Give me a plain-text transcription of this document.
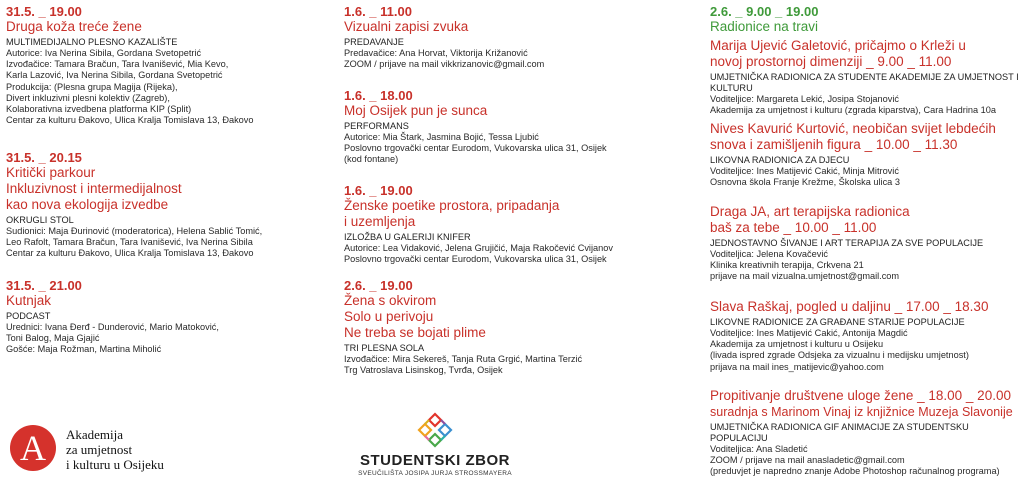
31.5. _ 19.00
Druga koža treće žene
MULTIMEDIJALNO PLESNO KAZALIŠTE
Autorice: Iva Nerina Sibila, Gordana Svetopetrić
Izvođačice: Tamara Bračun, Tara Ivanišević, Mia Kevo,
Karla Lazović, Iva Nerina Sibila, Gordana Svetopetrić
Produkcija: (Plesna grupa Magija (Rijeka),
Divert inkluzivni plesni kolektiv (Zagreb),
Kolaborativna izvedbena platforma KIP (Split)
Centar za kulturu Đakovo, Ulica Kralja Tomislava 13, Đakovo
31.5. _ 20.15
Kritički parkour
Inkluzivnost i intermedijalnost
kao nova ekologija izvedbe
OKRUGLI STOL
Sudionici: Maja Đurinović (moderatorica), Helena Sablić Tomić,
Leo Rafolt, Tamara Bračun, Tara Ivanišević, Iva Nerina Sibila
Centar za kulturu Đakovo, Ulica Kralja Tomislava 13, Đakovo
31.5. _ 21.00
Kutnjak
PODCAST
Urednici: Ivana Đerđ - Dunderović, Mario Matoković,
Toni Balog, Maja Gjajić
Gošće: Maja Rožman, Martina Miholić
1.6. _ 11.00
Vizualni zapisi zvuka
PREDAVANJE
Predavačice: Ana Horvat, Viktorija Križanović
ZOOM / prijave na mail vikkrizanovic@gmail.com
1.6. _ 18.00
Moj Osijek pun je sunca
PERFORMANS
Autorice: Mia Štark, Jasmina Bojić, Tessa Ljubić
Poslovno trgovački centar Eurodom, Vukovarska ulica 31, Osijek
(kod fontane)
1.6. _ 19.00
Ženske poetike prostora, pripadanja
i uzemljenja
IZLOŽBA U GALERIJI KNIFER
Autorice: Lea Vidaković, Jelena Grujičić, Maja Rakočević Cvijanov
Poslovno trgovački centar Eurodom, Vukovarska ulica 31, Osijek
2.6. _ 19.00
Žena s okvirom
Solo u perivoju
Ne treba se bojati plime
TRI PLESNA SOLA
Izvođačice: Mira Sekereš, Tanja Ruta Grgić, Martina Terzić
Trg Vatroslava Lisinskog, Tvrđa, Osijek
2.6. _ 9.00 _ 19.00
Radionice na travi
Marija Ujević Galetović, pričajmo o Krleži u
novoj prostornoj dimenziji _ 9.00 _ 11.00
UMJETNIČKA RADIONICA ZA STUDENTE AKADEMIJE ZA UMJETNOST I KULTURU
Voditeljice: Margareta Lekić, Josipa Stojanović
Akademija za umjetnost i kulturu (zgrada kiparstva), Cara Hadrina 10a
Nives Kavurić Kurtović, neobičan svijet lebdećih
snova i zamišljenih figura _ 10.00 _ 11.30
LIKOVNA RADIONICA ZA DJECU
Voditeljice: Ines Matijević Cakić, Minja Mitrović
Osnovna škola Franje Krežme, Školska ulica 3
Draga JA, art terapijska radionica
baš za tebe _ 10.00 _ 11.00
JEDNOSTAVNO ŠIVANJE I ART TERAPIJA ZA SVE POPULACIJE
Voditeljica: Jelena Kovačević
Klinika kreativnih terapija, Crkvena 21
prijave na mail vizualna.umjetnost@gmail.com
Slava Raškaj, pogled u daljinu _ 17.00 _ 18.30
LIKOVNE RADIONICE ZA GRAĐANE STARIJE POPULACIJE
Voditeljice: Ines Matijević Cakić, Antonija Magdić
Akademija za umjetnost i kulturu u Osijeku
(livada ispred zgrade Odsjeka za vizualnu i medijsku umjetnost)
prijava na mail ines_matijevic@yahoo.com
Propitivanje društvene uloge žene _ 18.00 _ 20.00
suradnja s Marinom Vinaj iz knjižnice Muzeja Slavonije
UMJETNIČKA RADIONICA GIF ANIMACIJE ZA STUDENTSKU POPULACIJU
Voditeljica: Ana Sladetić
ZOOM / prijave na mail anasladetic@gmail.com
(preduvjet je napredno znanje Adobe Photoshop računalnog programa)
A	Akademija
za umjetnost
i kulturu u Osijeku	STUDENTSKI ZBOR
SVEUČILIŠTA JOSIPA JURJA STROSSMAYERA
